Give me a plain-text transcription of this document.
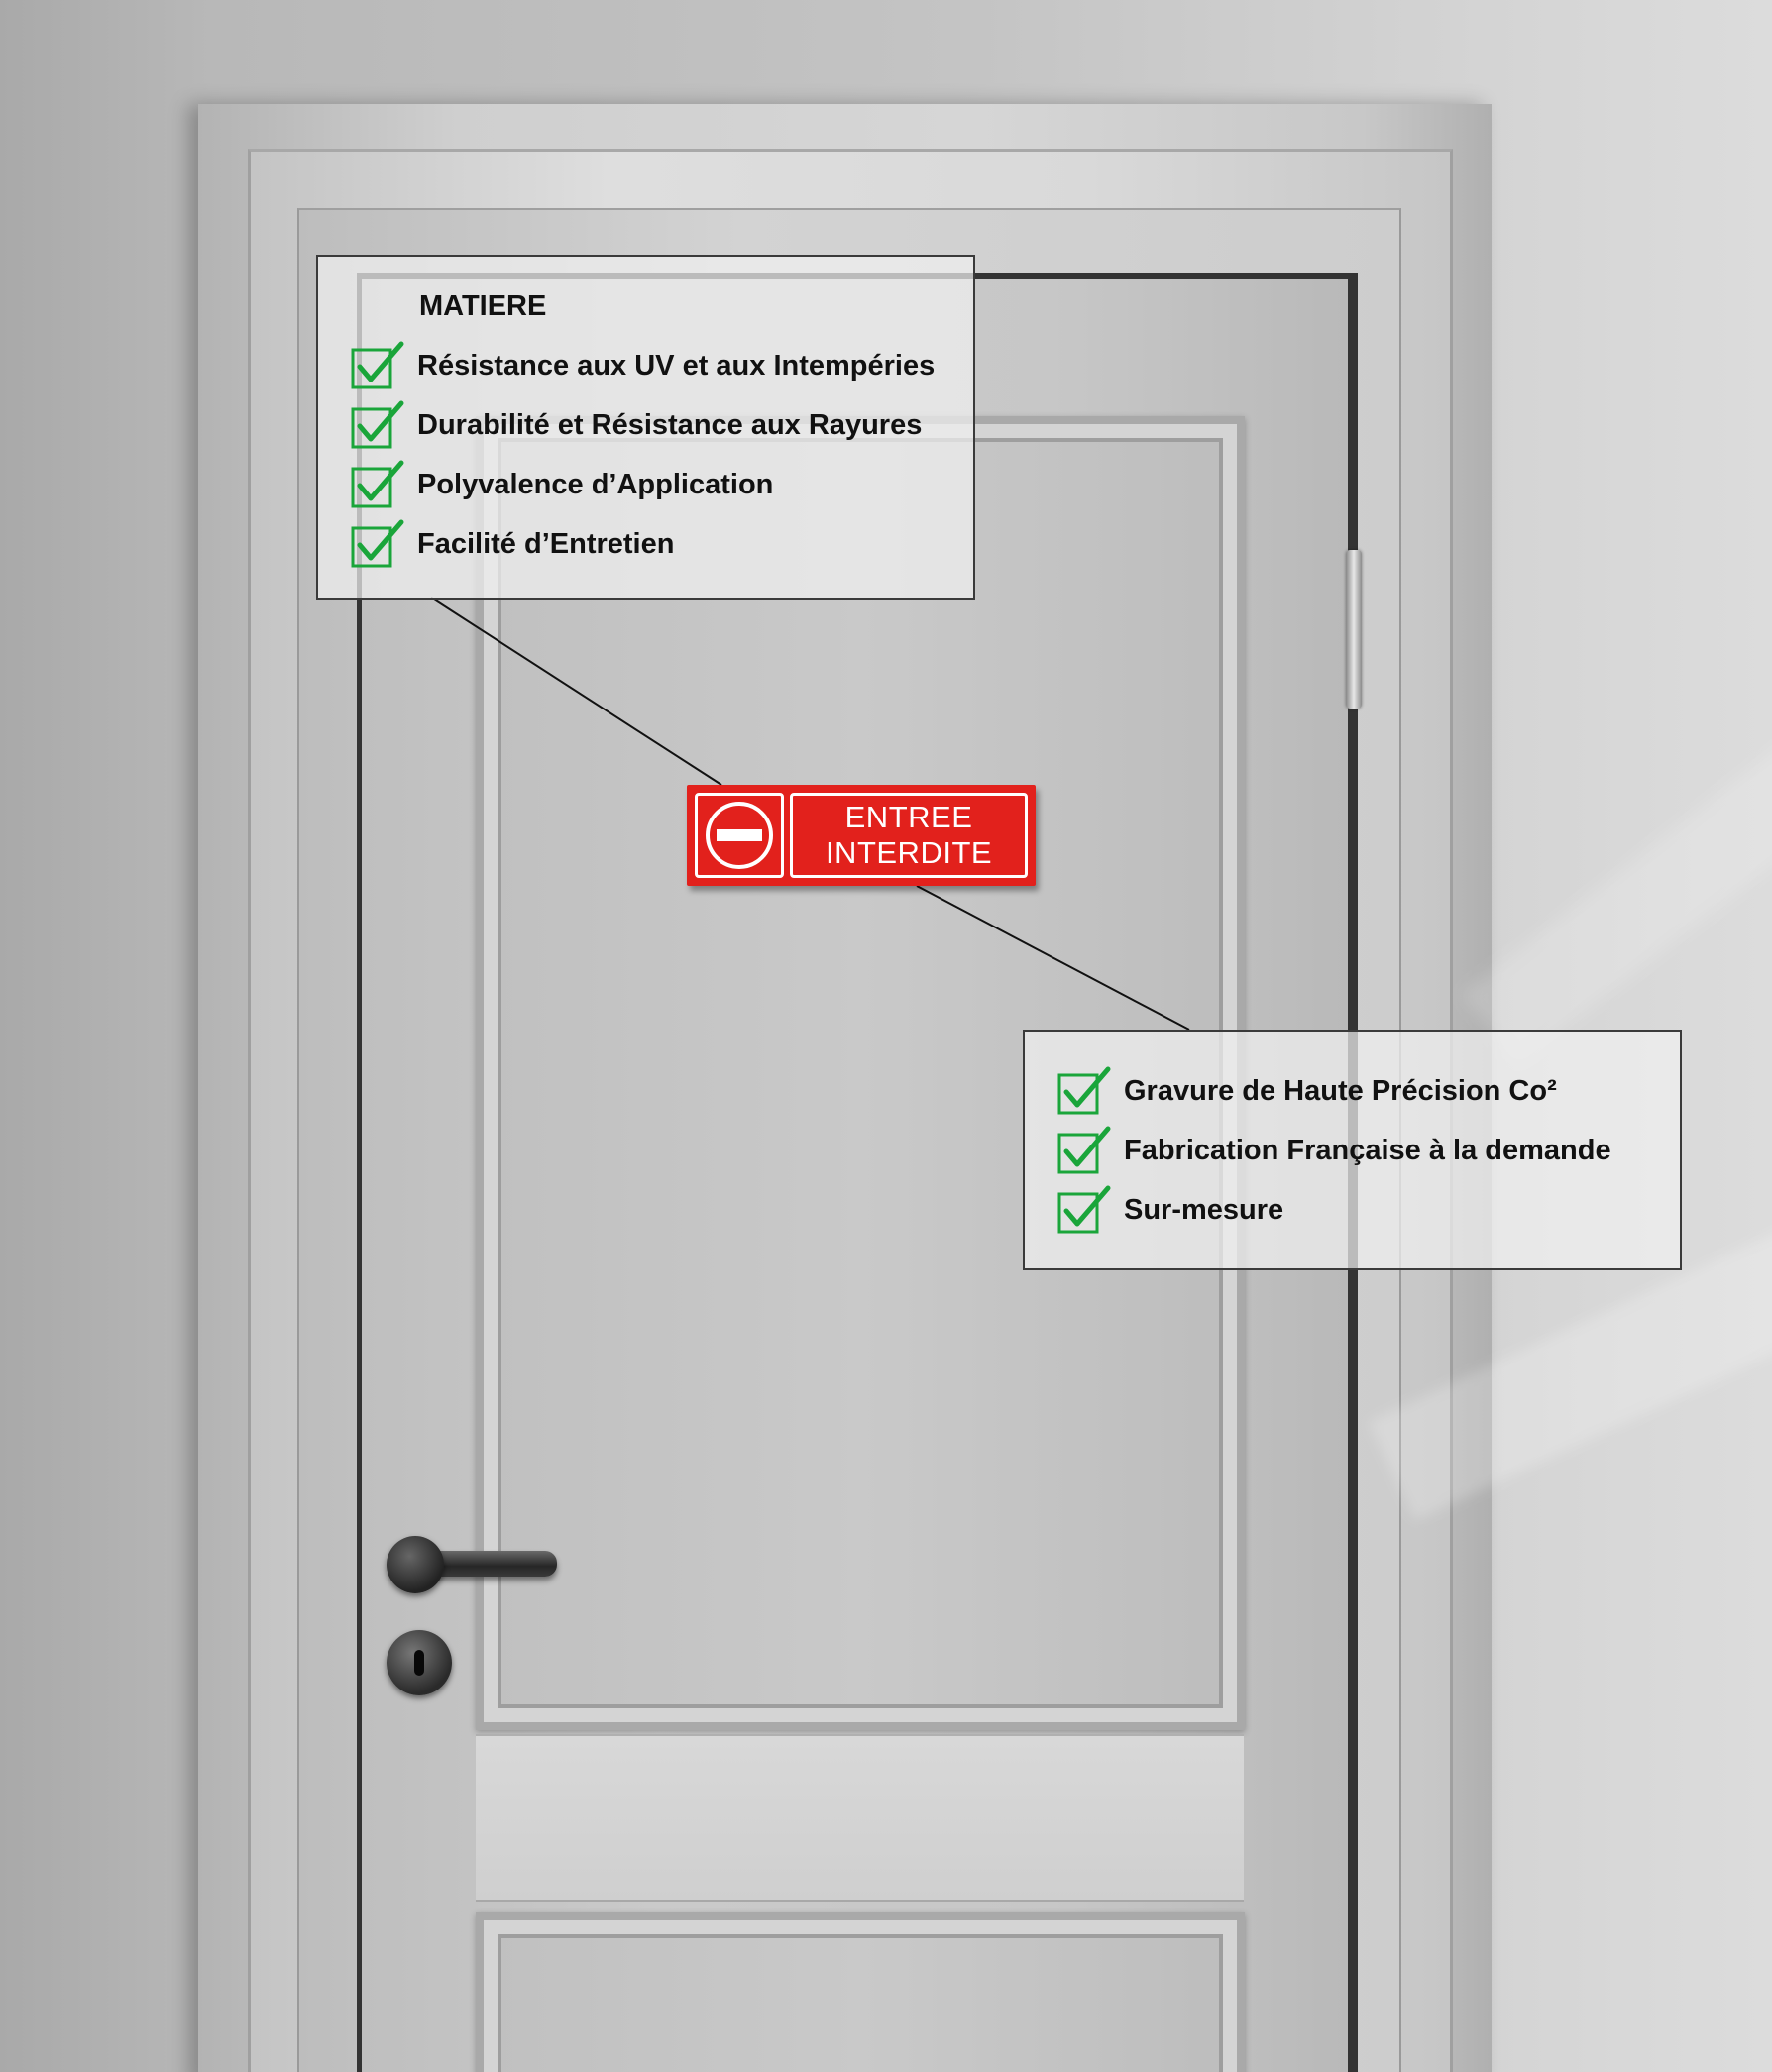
ENTREE
INTERDITE
MATIERE
Résistance aux UV et aux Intempéries
Durabilité et Résistance aux Rayures
Polyvalence d’Application
Facilité d’Entretien
Gravure de Haute Précision Co²
Fabrication Française à la demande
Sur-mesure
